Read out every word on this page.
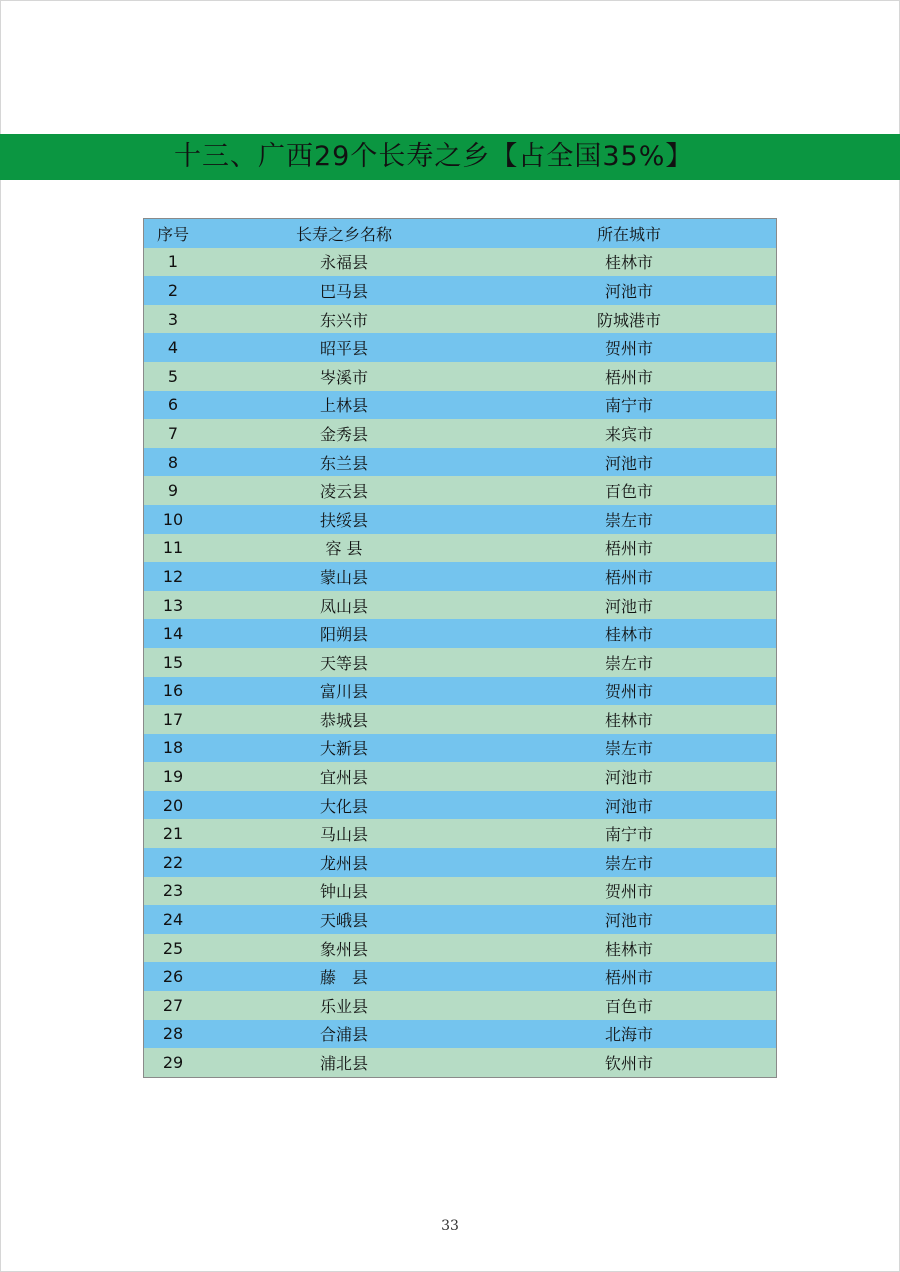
十三、广西29个长寿之乡【占全国35%】
序号	长寿之乡名称	所在城市
1	永福县	桂林市
2	巴马县	河池市
3	东兴市	防城港市
4	昭平县	贺州市
5	岑溪市	梧州市
6	上林县	南宁市
7	金秀县	来宾市
8	东兰县	河池市
9	凌云县	百色市
10	扶绥县	崇左市
11	容 县	梧州市
12	蒙山县	梧州市
13	凤山县	河池市
14	阳朔县	桂林市
15	天等县	崇左市
16	富川县	贺州市
17	恭城县	桂林市
18	大新县	崇左市
19	宜州县	河池市
20	大化县	河池市
21	马山县	南宁市
22	龙州县	崇左市
23	钟山县	贺州市
24	天峨县	河池市
25	象州县	桂林市
26	藤　县	梧州市
27	乐业县	百色市
28	合浦县	北海市
29	浦北县	钦州市
33
